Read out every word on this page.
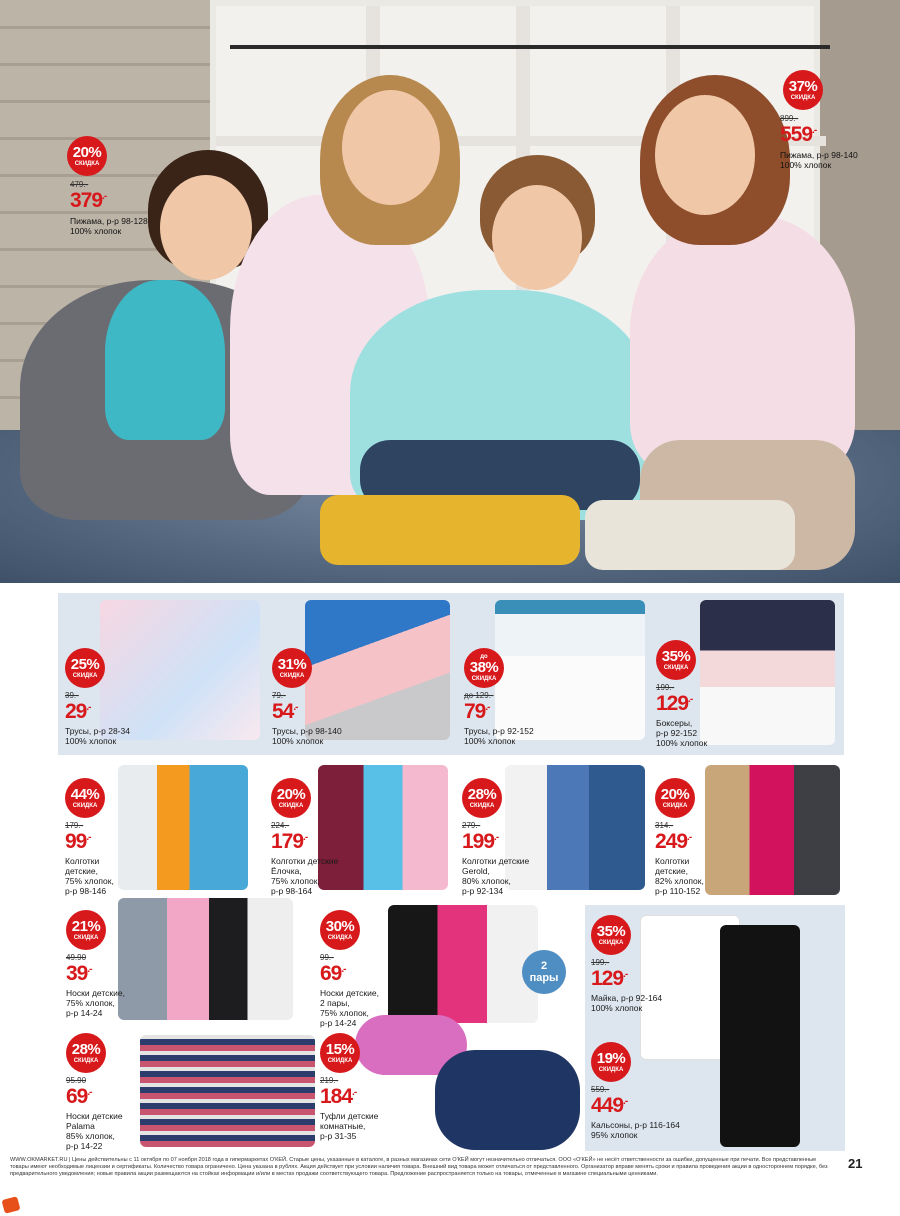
20%
СКИДКА
479.-
379.-
Пижама, р-р 98-128
100% хлопок
37%
СКИДКА
899.-
559.-
Пижама, р-р 98-140
100% хлопок
2
пары
25%
СКИДКА
39.-
29.-
Трусы, р-р 28-34
100% хлопок
31%
СКИДКА
79.-
54.-
Трусы, р-р 98-140
100% хлопок
до
38%
СКИДКА
до 129.-
79.-
Трусы, р-р 92-152
100% хлопок
35%
СКИДКА
199.-
129.-
Боксеры,
р-р 92-152
100% хлопок
44%
СКИДКА
179.-
99.-
Колготки
детские,
75% хлопок,
р-р 98-146
20%
СКИДКА
224.-
179.-
Колготки детские
Ёлочка,
75% хлопок,
р-р 98-164
28%
СКИДКА
279.-
199.-
Колготки детские
Gerold,
80% хлопок,
р-р 92-134
20%
СКИДКА
314.-
249.-
Колготки
детские,
82% хлопок,
р-р 110-152
21%
СКИДКА
49.90
39.-
Носки детские,
75% хлопок,
р-р 14-24
30%
СКИДКА
99.-
69.-
Носки детские,
2 пары,
75% хлопок,
р-р 14-24
35%
СКИДКА
199.-
129.-
Майка, р-р 92-164
100% хлопок
28%
СКИДКА
95.90
69.-
Носки детские
Palama
85% хлопок,
р-р 14-22
15%
СКИДКА
219.-
184.-
Туфли детские
комнатные,
р-р 31-35
19%
СКИДКА
559.-
449.-
Кальсоны, р-р 116-164
95% хлопок
WWW.OKMARKET.RU | Цены действительны с 11 октября по 07 ноября 2018 года в гипермаркетах О'КЕЙ. Старые цены, указанные в каталоге, в разных магазинах сети О'КЕЙ могут незначительно отличаться. ООО «О'КЕЙ» не несёт ответственности за ошибки, допущенные при печати. Все представленные товары имеют необходимые лицензии и сертификаты. Количество товара ограничено. Цена указана в рублях. Акция действует при условии наличия товара. Внешний вид товара может отличаться от представленного. Организатор вправе менять сроки и правила проведения акции в одностороннем порядке, без предварительного уведомления; новые правила акции размещаются на стойках информации и/или в местах продажи соответствующего товара. Предложение распространяется только на товары, отмеченные в магазине специальными ценниками.
21
